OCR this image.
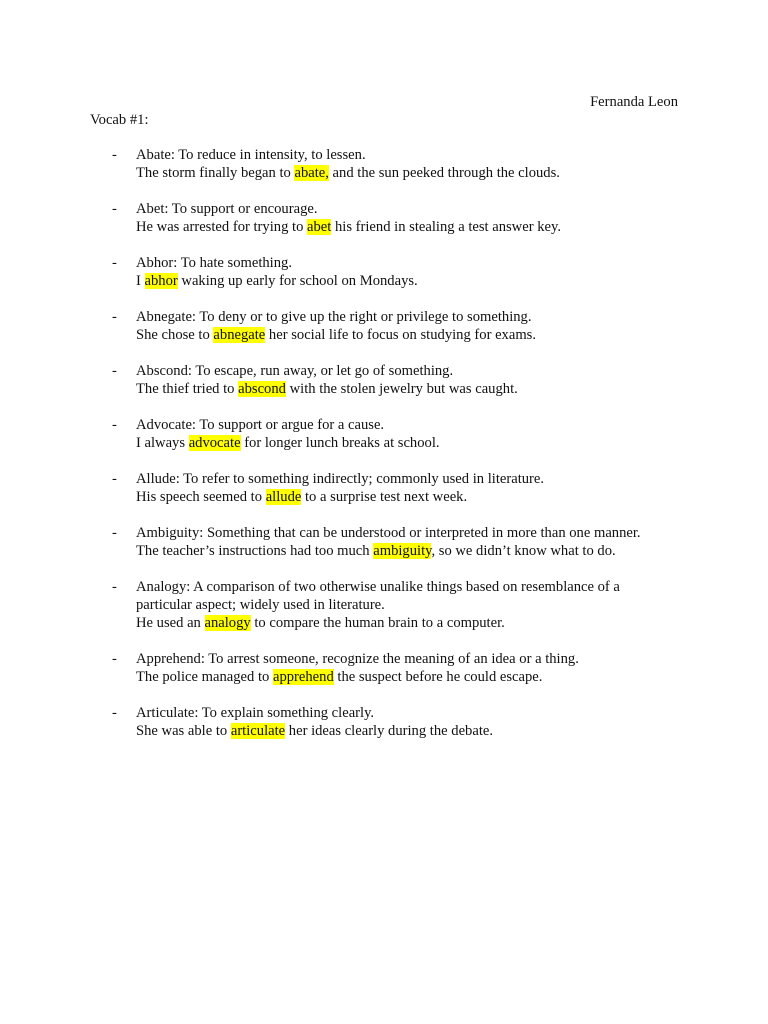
Fernanda Leon
Vocab #1:
- Abate: To reduce in intensity, to lessen.
The storm finally began to abate, and the sun peeked through the clouds.
- Abet: To support or encourage.
He was arrested for trying to abet his friend in stealing a test answer key.
- Abhor: To hate something.
I abhor waking up early for school on Mondays.
- Abnegate: To deny or to give up the right or privilege to something.
She chose to abnegate her social life to focus on studying for exams.
- Abscond: To escape, run away, or let go of something.
The thief tried to abscond with the stolen jewelry but was caught.
- Advocate: To support or argue for a cause.
I always advocate for longer lunch breaks at school.
- Allude: To refer to something indirectly; commonly used in literature.
His speech seemed to allude to a surprise test next week.
- Ambiguity: Something that can be understood or interpreted in more than one manner.
The teacher’s instructions had too much ambiguity, so we didn’t know what to do.
- Analogy: A comparison of two otherwise unalike things based on resemblance of a particular aspect; widely used in literature.
He used an analogy to compare the human brain to a computer.
- Apprehend: To arrest someone, recognize the meaning of an idea or a thing.
The police managed to apprehend the suspect before he could escape.
- Articulate: To explain something clearly.
She was able to articulate her ideas clearly during the debate.
